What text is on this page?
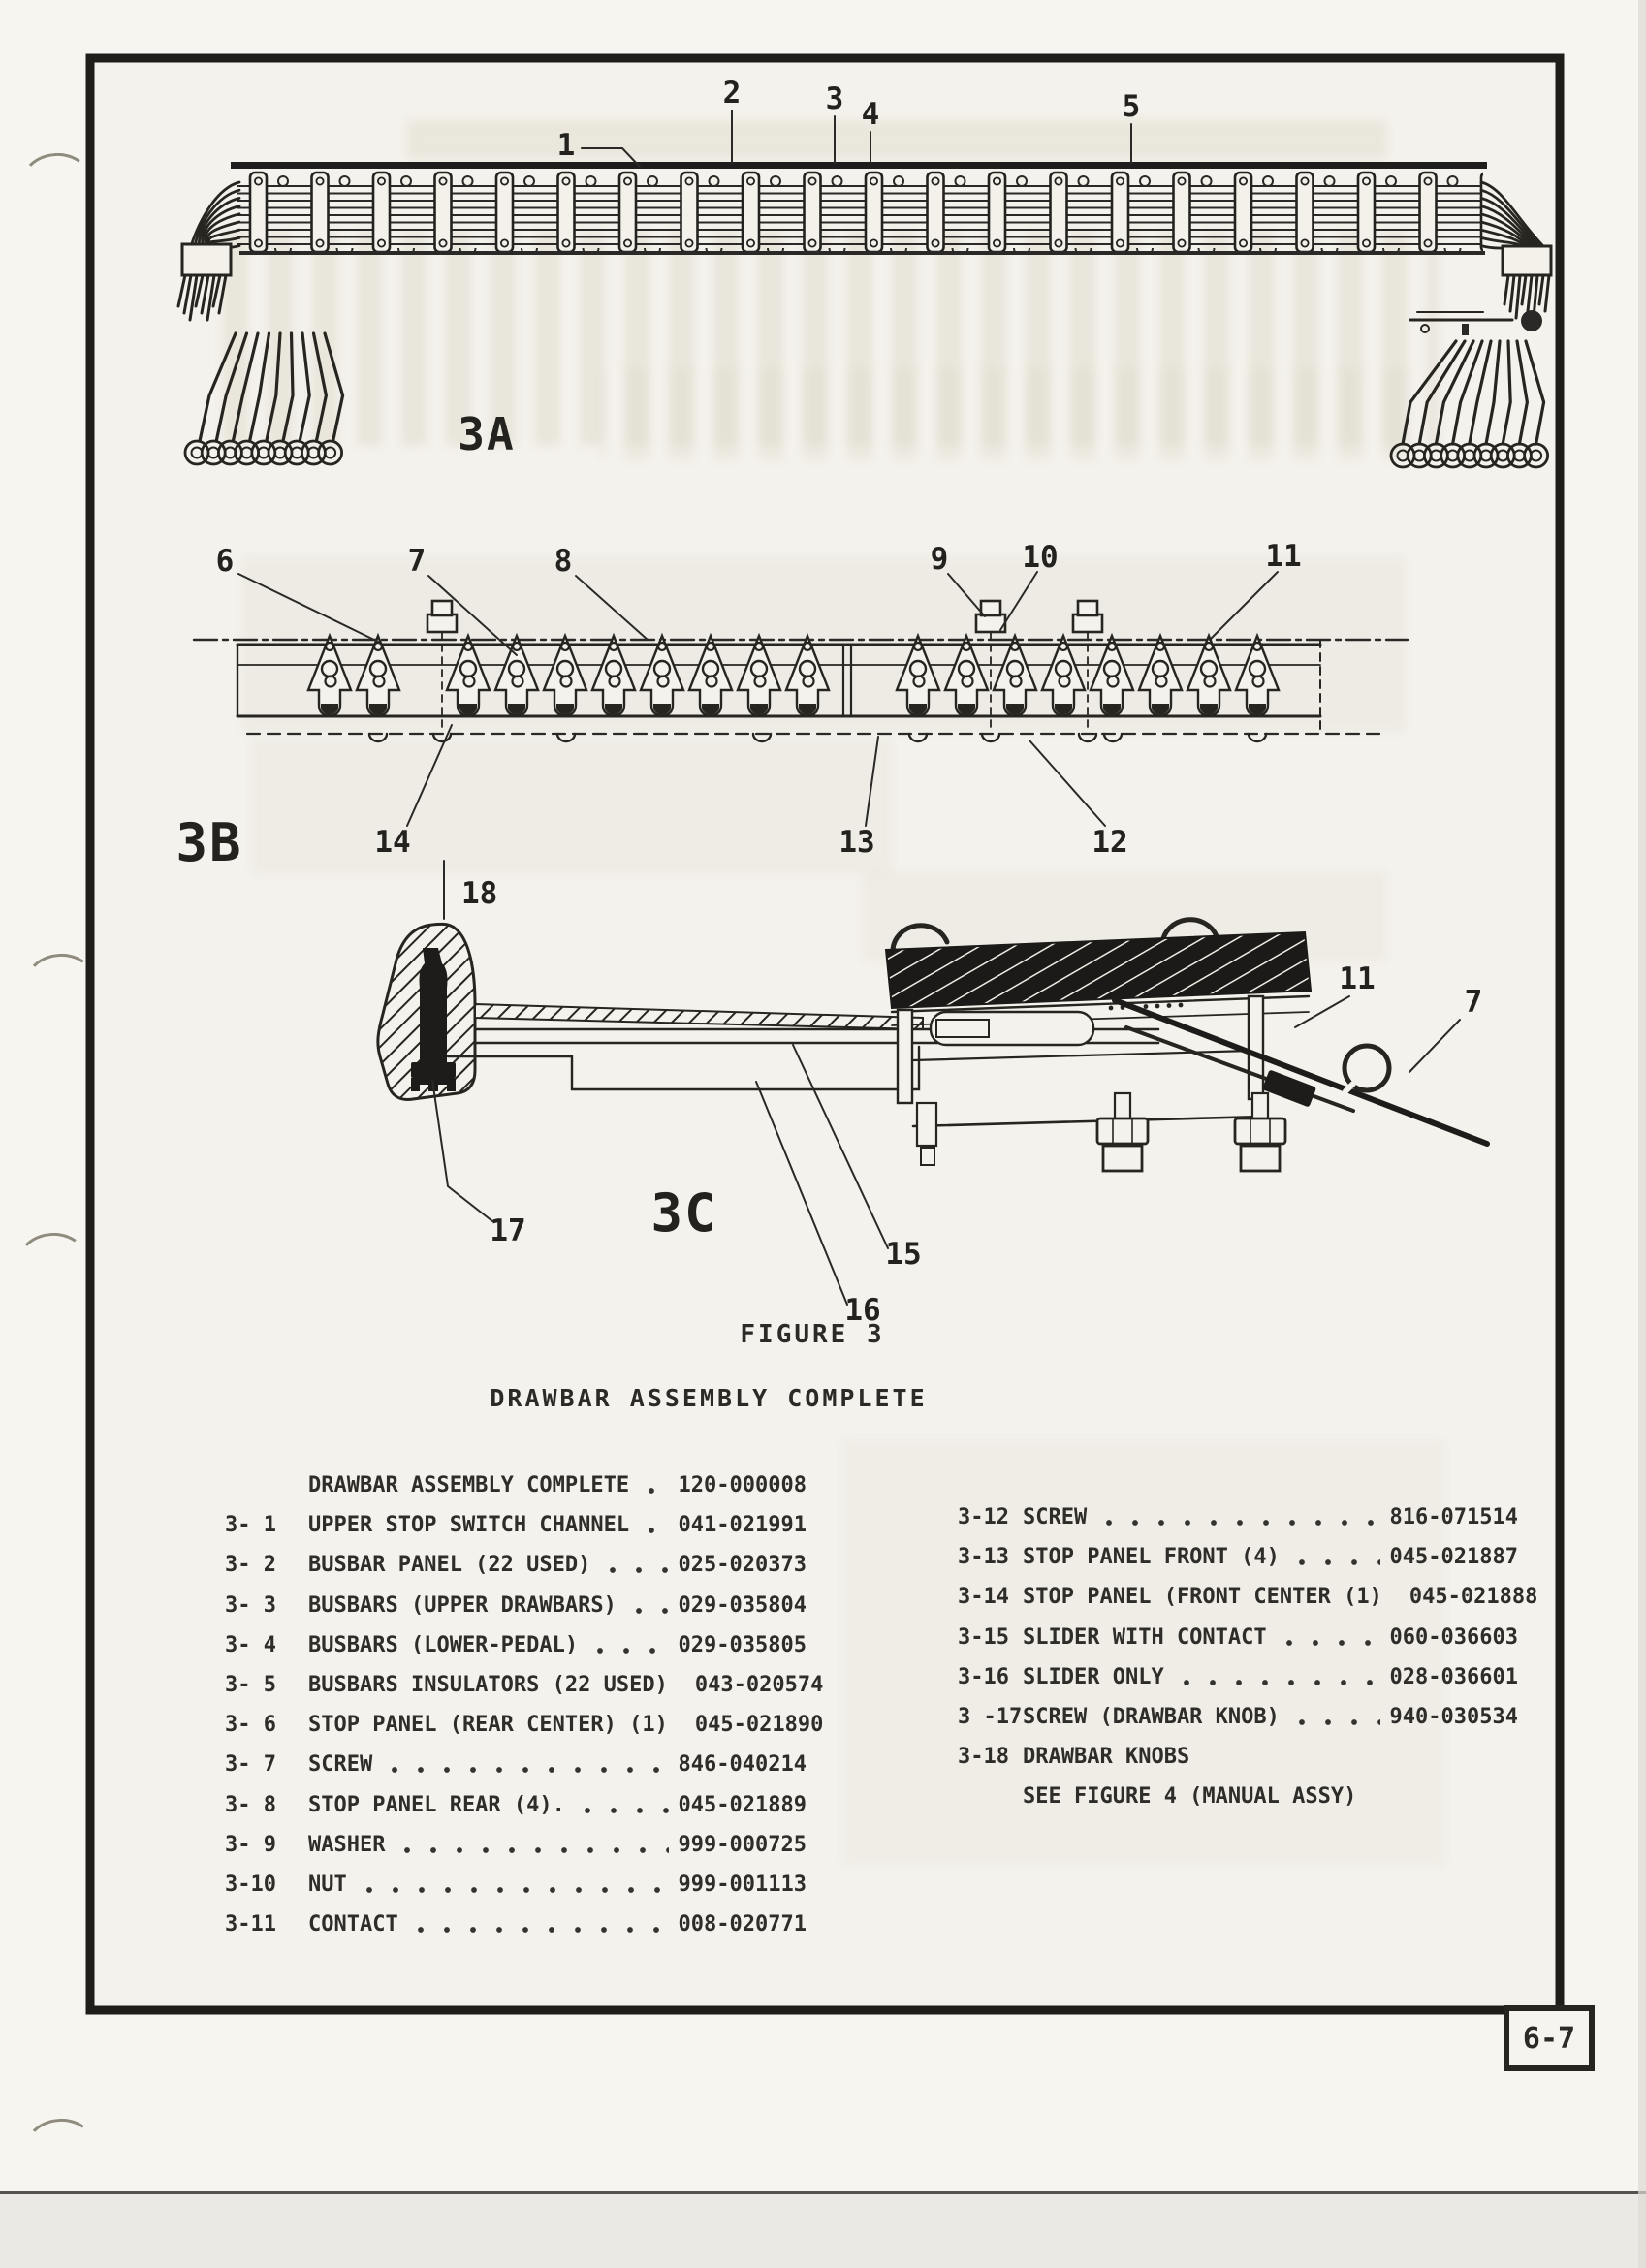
1
2	3 4	5
3A
6	7	8	9 10	11
14	13	12
3B
18
17
15
16
11
7
3C
FIGURE 3
DRAWBAR ASSEMBLY COMPLETE
DRAWBAR ASSEMBLY COMPLETE 120-000008
3- 1	UPPER STOP SWITCH CHANNEL 041-021991
3- 2	BUSBAR PANEL (22 USED)	025-020373
3- 3	BUSBARS (UPPER DRAWBARS)	029-035804
3- 4	BUSBARS (LOWER-PEDAL)	029-035805
3- 5	BUSBARS INSULATORS (22 USED) 043-020574
3- 6	STOP PANEL (REAR CENTER) (1) 045-021890
3- 7	SCREW	846-040214
3- 8	STOP PANEL REAR (4).	045-021889
3- 9	WASHER	999-000725
3-10	NUT	999-001113
3-11	CONTACT	008-020771
3-12 SCREW	816-071514
3-13 STOP PANEL FRONT (4)	045-021887
3-14 STOP PANEL (FRONT CENTER (1) 045-021888
3-15 SLIDER WITH CONTACT	060-036603
3-16 SLIDER ONLY	028-036601
3 -17 SCREW (DRAWBAR KNOB)	940-030534
3-18 DRAWBAR KNOBS
SEE FIGURE 4 (MANUAL ASSY)
6-7
